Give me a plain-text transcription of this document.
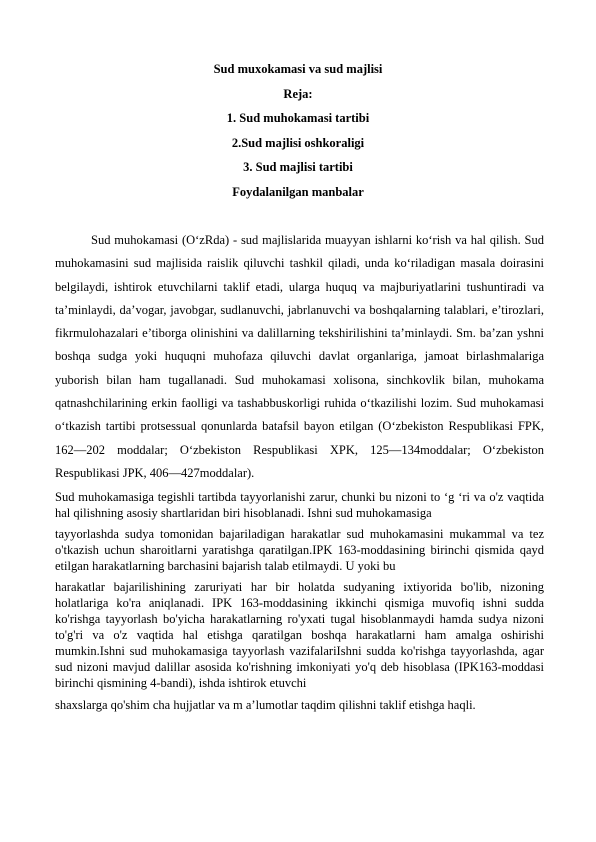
Sud muxokamasi va sud majlisi
Reja:
1. Sud muhokamasi tartibi
2.Sud majlisi oshkoraligi
3. Sud majlisi tartibi
Foydalanilgan manbalar

Sud muhokamasi (O‘zRda) - sud majlislarida muayyan ishlarni ko‘rish va hal qilish. Sud muhokamasini sud majlisida raislik qiluvchi tashkil qiladi, unda ko‘riladigan masala doirasini belgilaydi, ishtirok etuvchilarni taklif etadi, ularga huquq va majburiyatlarini tushuntiradi va ta’minlaydi, da’vogar, javobgar, sudlanuvchi, jabrlanuvchi va boshqalarning talablari, e’tirozlari, fikrmulohazalari e’tiborga olinishini va dalillarning tekshirilishini ta’minlaydi. Sm. ba’zan yshni boshqa sudga yoki huquqni muhofaza qiluvchi davlat organlariga, jamoat birlashmalariga yuborish bilan ham tugallanadi. Sud muhokamasi xolisona, sinchkovlik bilan, muhokama qatnashchilarining erkin faolligi va tashabbuskorligi ruhida o‘tkazilishi lozim. Sud muhokamasi o‘tkazish tartibi protsessual qonunlarda batafsil bayon etilgan (O‘zbekiston Respublikasi FPK, 162—202 moddalar; O‘zbekiston Respublikasi XPK, 125—134moddalar; O‘zbekiston Respublikasi JPK, 406—427moddalar).

Sud muhokamasiga tegishli tartibda tayyorlanishi zarur, chunki bu nizoni to ‘g ‘ri va o'z vaqtida hal qilishning asosiy shartlaridan biri hisoblanadi. Ishni sud muhokamasiga

tayyorlashda sudya tomonidan bajariladigan harakatlar sud muhokamasini mukammal va tez o'tkazish uchun sharoitlarni yaratishga qaratilgan.IPK 163-moddasining birinchi qismida qayd etilgan harakatlarning barchasini bajarish talab etilmaydi. U yoki bu

harakatlar bajarilishining zaruriyati har bir holatda sudyaning ixtiyorida bo'lib, nizoning holatlariga ko'ra aniqlanadi. IPK 163-moddasining ikkinchi qismiga muvofiq ishni sudda ko'rishga tayyorlash bo'yicha harakatlarning ro'yxati tugal hisoblanmaydi hamda sudya nizoni to'g'ri va o'z vaqtida hal etishga qaratilgan boshqa harakatlarni ham amalga oshirishi mumkin.Ishni sud muhokamasiga tayyorlash vazifalariIshni sudda ko'rishga tayyorlashda, agar sud nizoni mavjud dalillar asosida ko'rishning imkoniyati yo'q deb hisoblasa (IPK163-moddasi birinchi qismining 4-bandi), ishda ishtirok etuvchi

shaxslarga qo'shim cha hujjatlar va m a’lumotlar taqdim qilishni taklif etishga haqli.
